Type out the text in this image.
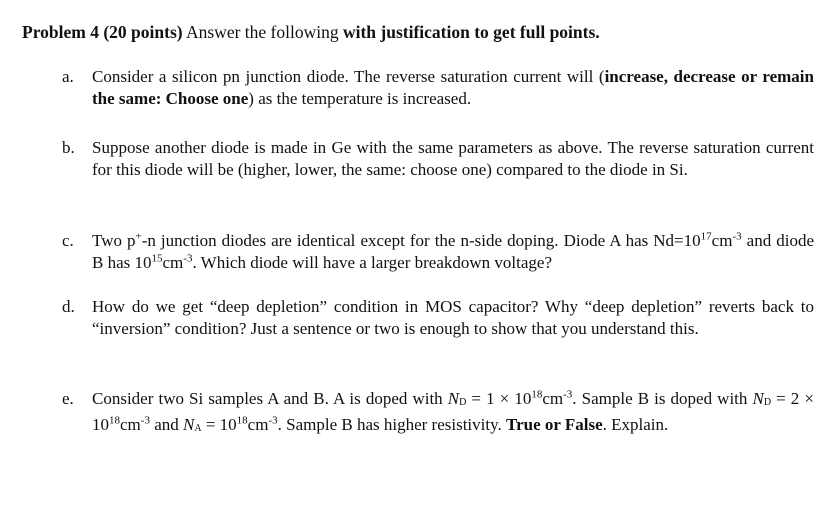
Problem 4 (20 points) Answer the following with justification to get full points.
a. Consider a silicon pn junction diode. The reverse saturation current will (increase, decrease or remain the same: Choose one) as the temperature is increased.
b. Suppose another diode is made in Ge with the same parameters as above. The reverse saturation current for this diode will be (higher, lower, the same: choose one) compared to the diode in Si.
c. Two p+-n junction diodes are identical except for the n-side doping. Diode A has $Nd=10^{17}cm^{-3}$ and diode B has $10^{15}cm^{-3}$. Which diode will have a larger breakdown voltage?
d. How do we get “deep depletion” condition in MOS capacitor? Why “deep depletion” reverts back to “inversion” condition? Just a sentence or two is enough to show that you understand this.
e. Consider two Si samples A and B. A is doped with ND = $1 \times 10^{18}cm^{-3}$. Sample B is doped with ND = $2 \times 10^{18}cm^{-3}$ and NA = $10^{18}cm^{-3}$. Sample B has higher resistivity. True or False. Explain.
